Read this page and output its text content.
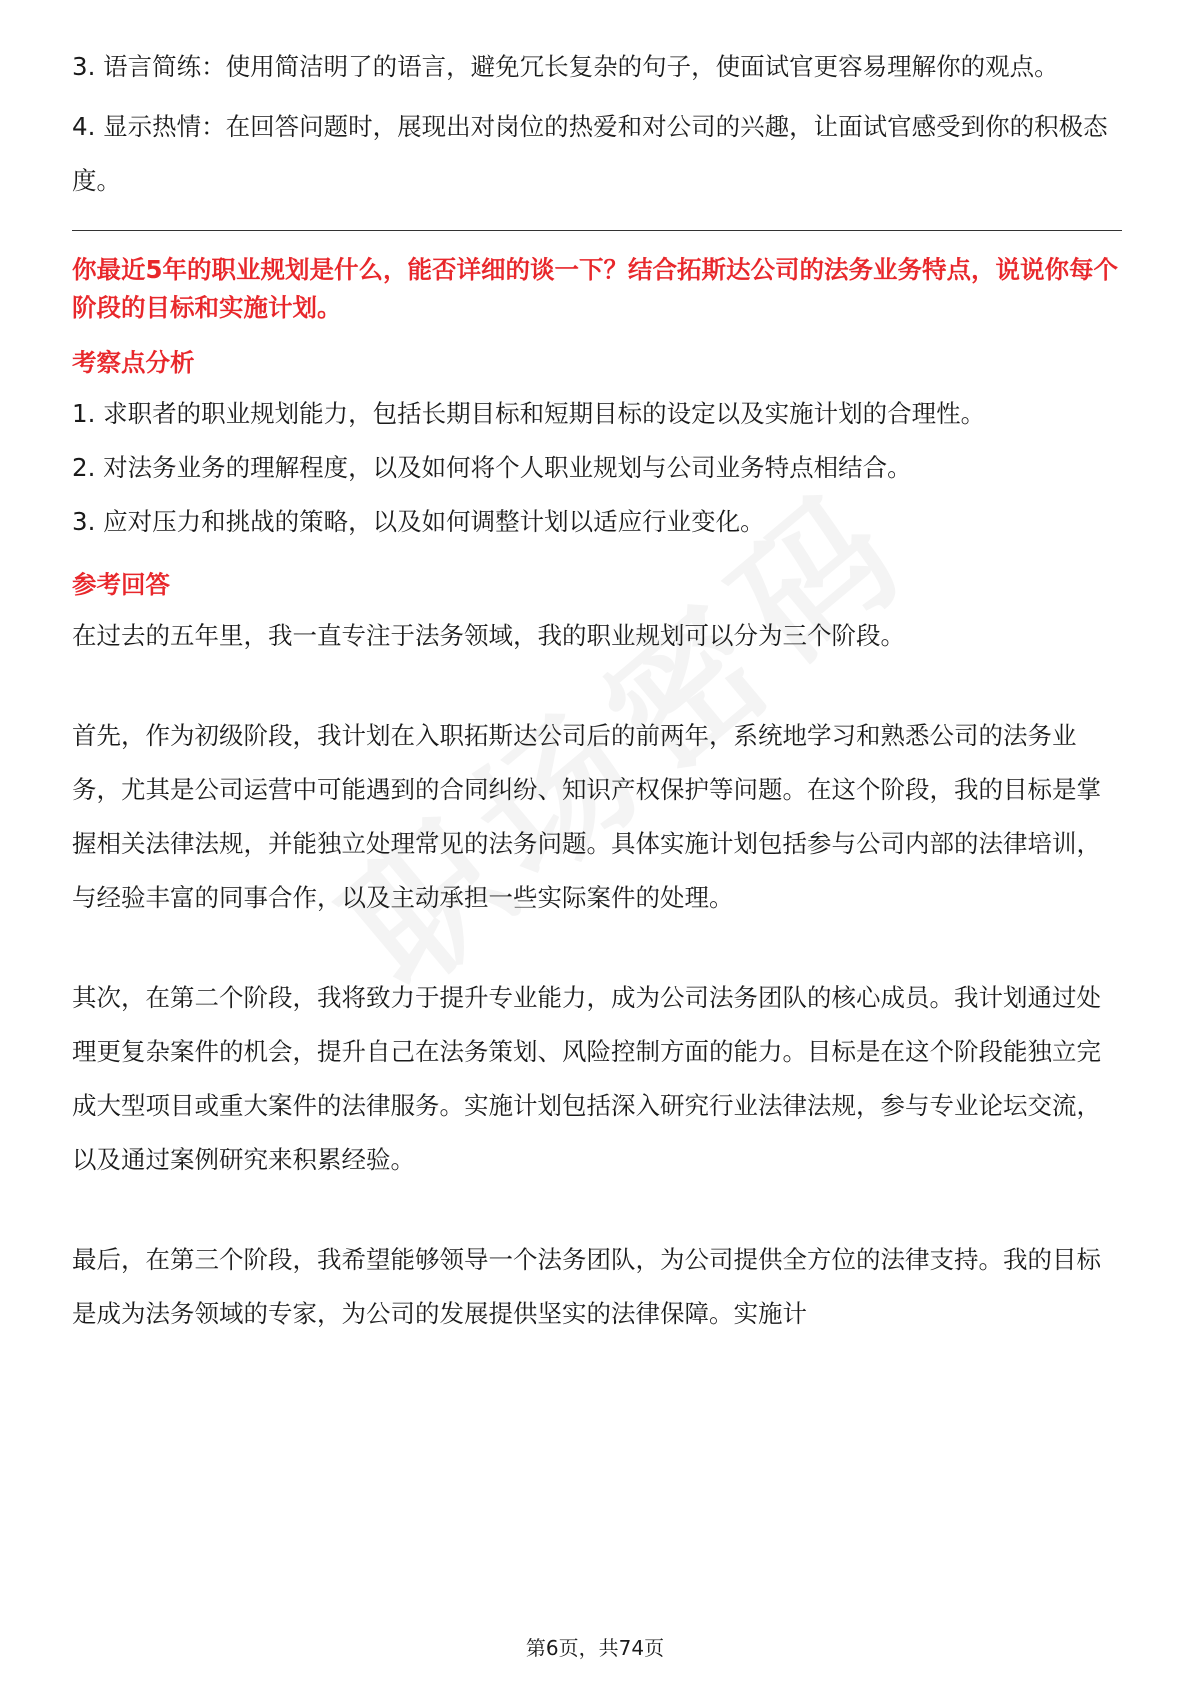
3. 语言简练：使用简洁明了的语言，避免冗长复杂的句子，使面试官更容易理解你的观点。

4. 显示热情：在回答问题时，展现出对岗位的热爱和对公司的兴趣，让面试官感受到你的积极态度。

你最近5年的职业规划是什么，能否详细的谈一下？结合拓斯达公司的法务业务特点，说说你每个阶段的目标和实施计划。

考察点分析

1. 求职者的职业规划能力，包括长期目标和短期目标的设定以及实施计划的合理性。

2. 对法务业务的理解程度，以及如何将个人职业规划与公司业务特点相结合。

3. 应对压力和挑战的策略，以及如何调整计划以适应行业变化。

参考回答

在过去的五年里，我一直专注于法务领域，我的职业规划可以分为三个阶段。

首先，作为初级阶段，我计划在入职拓斯达公司后的前两年，系统地学习和熟悉公司的法务业务，尤其是公司运营中可能遇到的合同纠纷、知识产权保护等问题。在这个阶段，我的目标是掌握相关法律法规，并能独立处理常见的法务问题。具体实施计划包括参与公司内部的法律培训，与经验丰富的同事合作，以及主动承担一些实际案件的处理。

其次，在第二个阶段，我将致力于提升专业能力，成为公司法务团队的核心成员。我计划通过处理更复杂案件的机会，提升自己在法务策划、风险控制方面的能力。目标是在这个阶段能独立完成大型项目或重大案件的法律服务。实施计划包括深入研究行业法律法规，参与专业论坛交流，以及通过案例研究来积累经验。

最后，在第三个阶段，我希望能够领导一个法务团队，为公司提供全方位的法律支持。我的目标是成为法务领域的专家，为公司的发展提供坚实的法律保障。实施计

第6页，共74页
